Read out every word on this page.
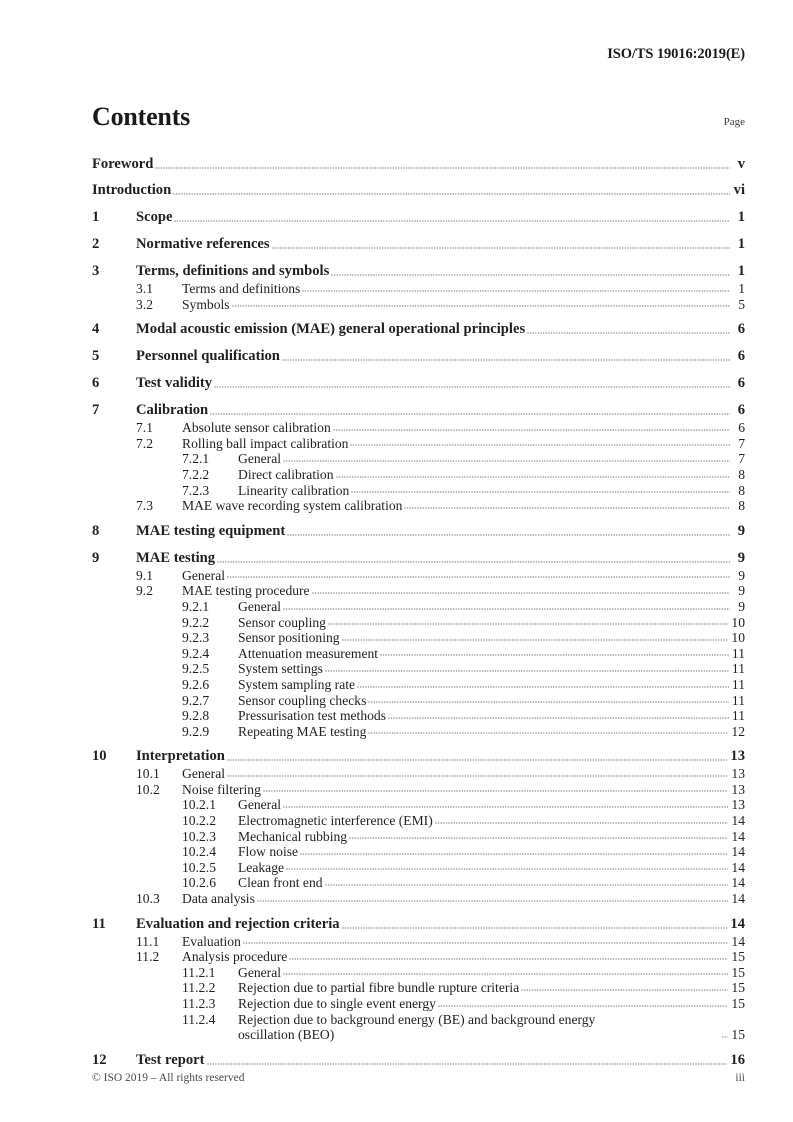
ISO/TS 19016:2019(E)
Contents	Page
Foreword	v
Introduction	vi
1	Scope	1
2	Normative references	1
3	Terms, definitions and symbols	1
3.1	Terms and definitions	1
3.2	Symbols	5
4	Modal acoustic emission (MAE) general operational principles	6
5	Personnel qualification	6
6	Test validity	6
7	Calibration	6
7.1	Absolute sensor calibration	6
7.2	Rolling ball impact calibration	7
7.2.1	General	7
7.2.2	Direct calibration	8
7.2.3	Linearity calibration	8
7.3	MAE wave recording system calibration	8
8	MAE testing equipment	9
9	MAE testing	9
9.1	General	9
9.2	MAE testing procedure	9
9.2.1	General	9
9.2.2	Sensor coupling	10
9.2.3	Sensor positioning	10
9.2.4	Attenuation measurement	11
9.2.5	System settings	11
9.2.6	System sampling rate	11
9.2.7	Sensor coupling checks	11
9.2.8	Pressurisation test methods	11
9.2.9	Repeating MAE testing	12
10	Interpretation	13
10.1	General	13
10.2	Noise filtering	13
10.2.1	General	13
10.2.2	Electromagnetic interference (EMI)	14
10.2.3	Mechanical rubbing	14
10.2.4	Flow noise	14
10.2.5	Leakage	14
10.2.6	Clean front end	14
10.3	Data analysis	14
11	Evaluation and rejection criteria	14
11.1	Evaluation	14
11.2	Analysis procedure	15
11.2.1	General	15
11.2.2	Rejection due to partial fibre bundle rupture criteria	15
11.2.3	Rejection due to single event energy	15
11.2.4	Rejection due to background energy (BE) and background energy
oscillation (BEO)	15
12	Test report	16
© ISO 2019 – All rights reserved	iii
